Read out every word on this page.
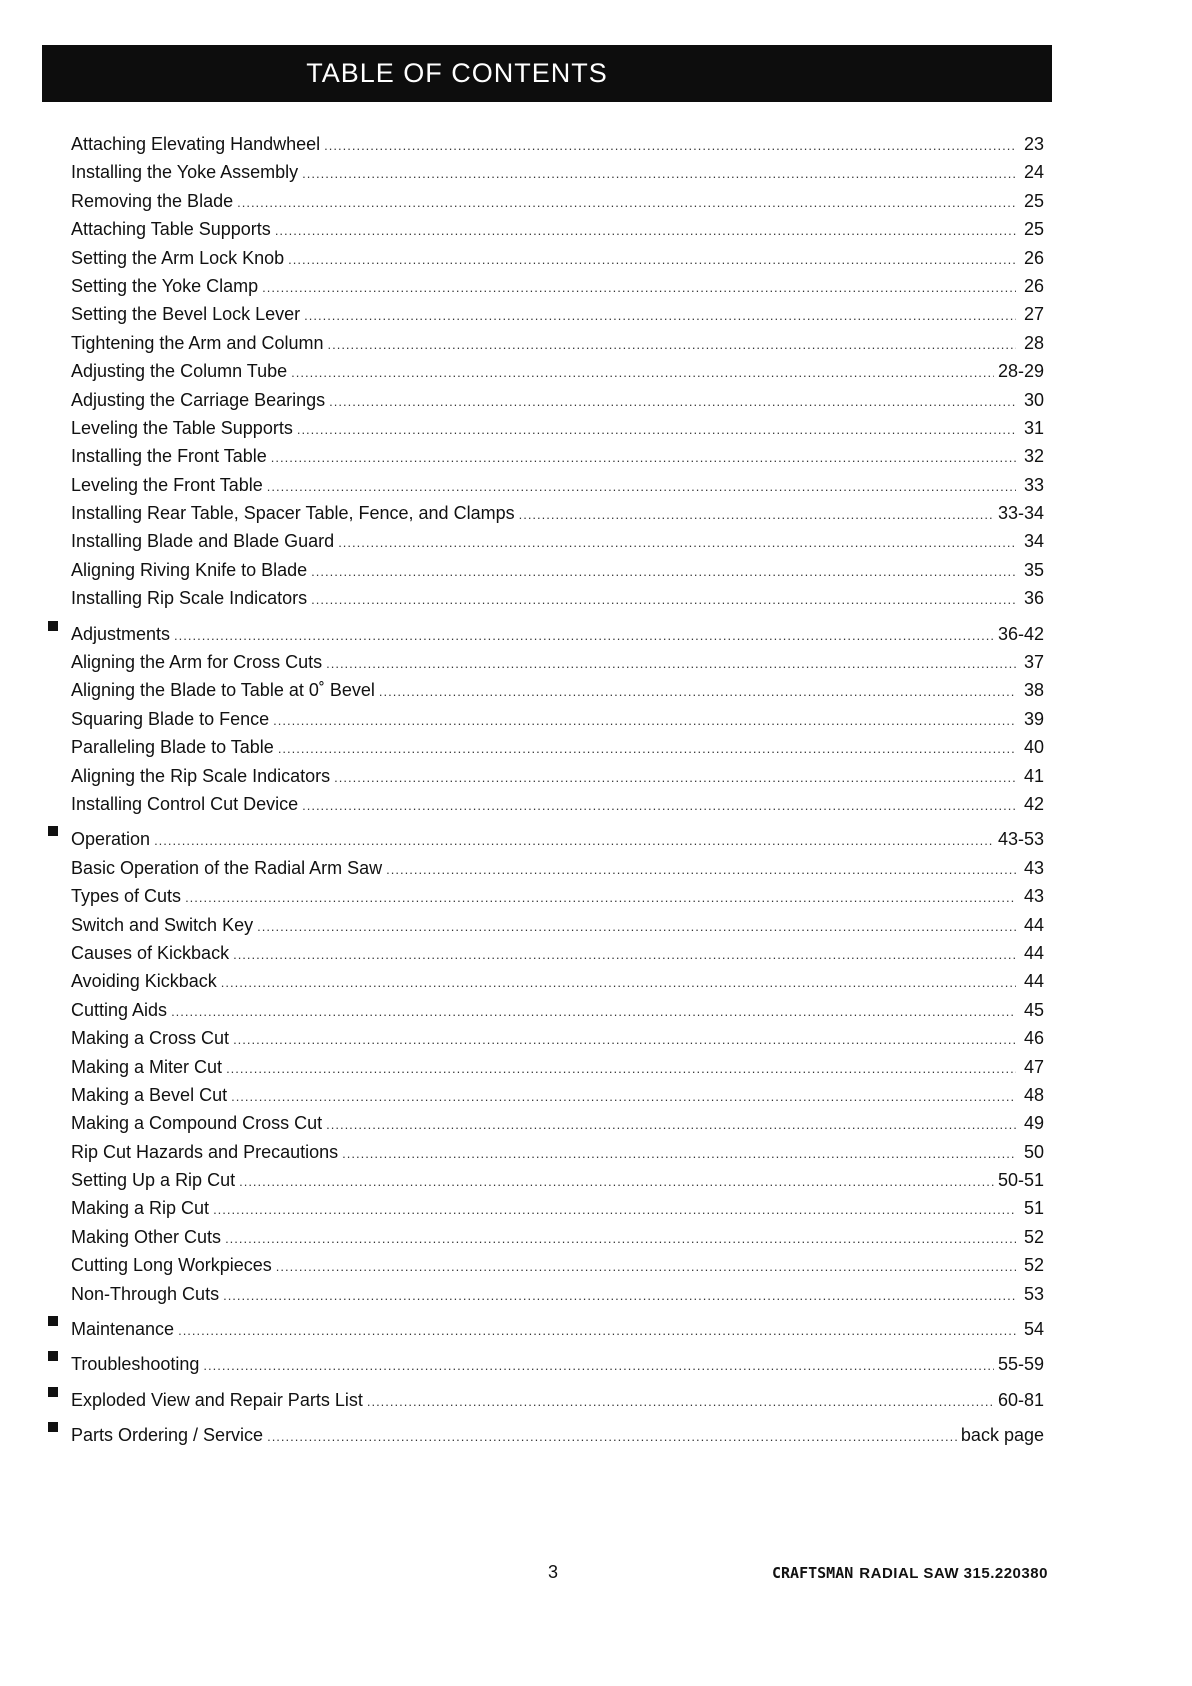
TABLE OF CONTENTS
Attaching Elevating Handwheel .....	23
Installing the Yoke Assembly .....	24
Removing the Blade .....	25
Attaching Table Supports .....	25
Setting the Arm Lock Knob .....	26
Setting the Yoke Clamp .....	26
Setting the Bevel Lock Lever .....	27
Tightening the Arm and Column .....	28
Adjusting the Column Tube .....	28-29
Adjusting the Carriage Bearings .....	30
Leveling the Table Supports .....	31
Installing the Front Table .....	32
Leveling the Front Table .....	33
Installing Rear Table, Spacer Table, Fence, and Clamps .....	33-34
Installing Blade and Blade Guard .....	34
Aligning Riving Knife to Blade .....	35
Installing Rip Scale Indicators .....	36
Adjustments .....	36-42
Aligning the Arm for Cross Cuts .....	37
Aligning the Blade to Table at 0˚ Bevel .....	38
Squaring Blade to Fence .....	39
Paralleling Blade to Table .....	40
Aligning the Rip Scale Indicators .....	41
Installing Control Cut Device .....	42
Operation .....	43-53
Basic Operation of the Radial Arm Saw .....	43
Types of Cuts .....	43
Switch and Switch Key .....	44
Causes of Kickback .....	44
Avoiding Kickback .....	44
Cutting Aids .....	45
Making a Cross Cut .....	46
Making a Miter Cut .....	47
Making a Bevel Cut .....	48
Making a Compound Cross Cut .....	49
Rip Cut Hazards and Precautions .....	50
Setting Up a Rip Cut .....	50-51
Making a Rip Cut .....	51
Making Other Cuts .....	52
Cutting Long Workpieces .....	52
Non-Through Cuts .....	53
Maintenance .....	54
Troubleshooting .....	55-59
Exploded View and Repair Parts List .....	60-81
Parts Ordering / Service .....	back page
3	CRAFTSMAN RADIAL SAW 315.220380
